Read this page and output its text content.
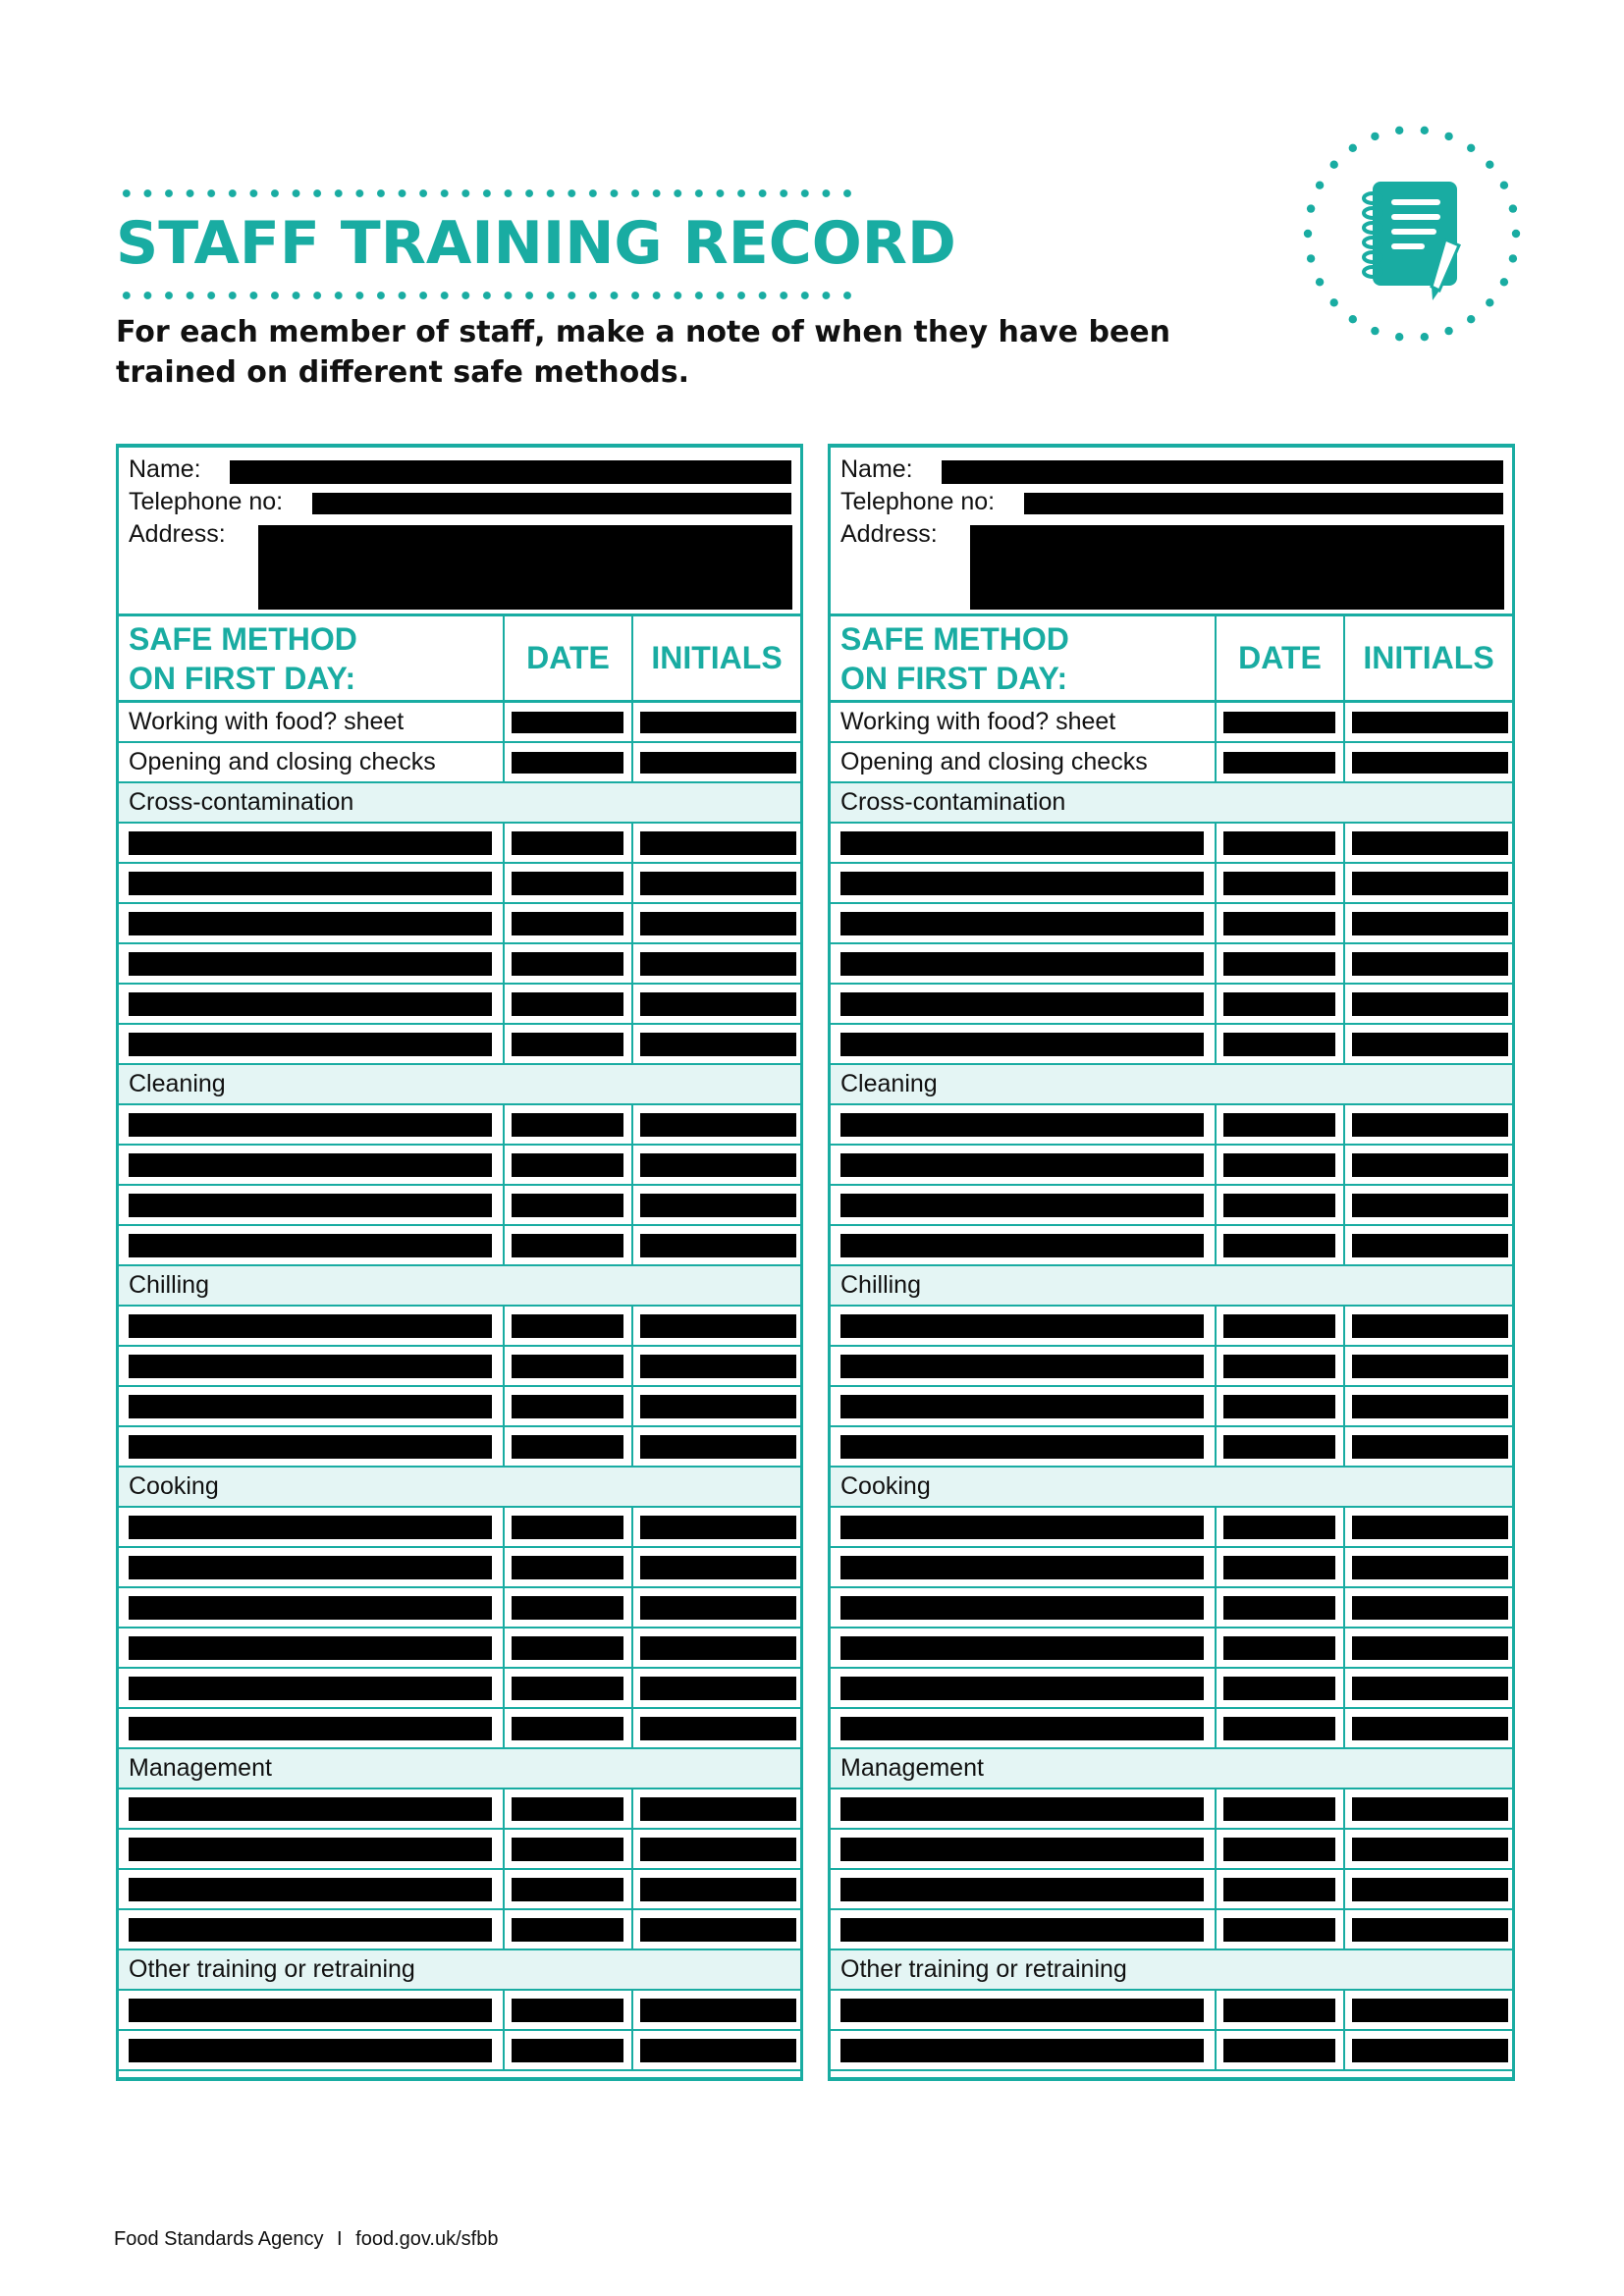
STAFF TRAINING RECORD
For each member of staff, make a note of when they have been trained on different safe methods.
Name:
Telephone no:
Address:
SAFE METHOD
ON FIRST DAY:
DATE	INITIALS
Working with food? sheet
Opening and closing checks
Cross-contamination
Cleaning
Chilling
Cooking
Management
Other training or retraining
Name:
Telephone no:
Address:
SAFE METHOD
ON FIRST DAY:
DATE	INITIALS
Working with food? sheet
Opening and closing checks
Cross-contamination
Cleaning
Chilling
Cooking
Management
Other training or retraining
Food Standards Agency I food.gov.uk/sfbb
